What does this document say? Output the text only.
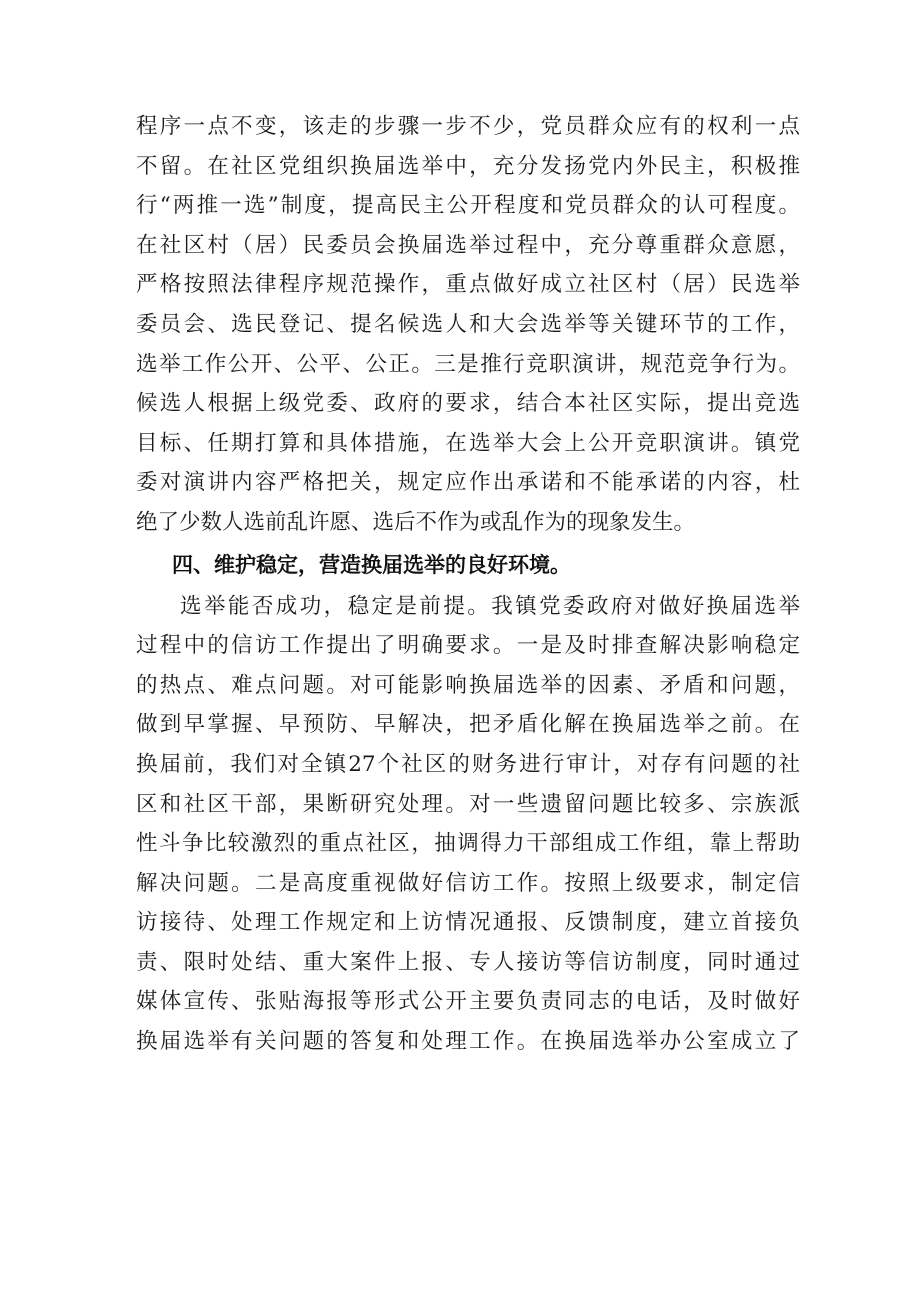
程序一点不变，该走的步骤一步不少，党员群众应有的权利一点
不留。在社区党组织换届选举中，充分发扬党内外民主，积极推
行“两推一选”制度，提高民主公开程度和党员群众的认可程度。
在社区村（居）民委员会换届选举过程中，充分尊重群众意愿，
严格按照法律程序规范操作，重点做好成立社区村（居）民选举
委员会、选民登记、提名候选人和大会选举等关键环节的工作，
选举工作公开、公平、公正。三是推行竞职演讲，规范竞争行为。
候选人根据上级党委、政府的要求，结合本社区实际，提出竞选
目标、任期打算和具体措施，在选举大会上公开竞职演讲。镇党
委对演讲内容严格把关，规定应作出承诺和不能承诺的内容，杜
绝了少数人选前乱许愿、选后不作为或乱作为的现象发生。
四、维护稳定，营造换届选举的良好环境。
选举能否成功，稳定是前提。我镇党委政府对做好换届选举
过程中的信访工作提出了明确要求。一是及时排查解决影响稳定
的热点、难点问题。对可能影响换届选举的因素、矛盾和问题，
做到早掌握、早预防、早解决，把矛盾化解在换届选举之前。在
换届前，我们对全镇27个社区的财务进行审计，对存有问题的社
区和社区干部，果断研究处理。对一些遗留问题比较多、宗族派
性斗争比较激烈的重点社区，抽调得力干部组成工作组，靠上帮助
解决问题。二是高度重视做好信访工作。按照上级要求，制定信
访接待、处理工作规定和上访情况通报、反馈制度，建立首接负
责、限时处结、重大案件上报、专人接访等信访制度，同时通过
媒体宣传、张贴海报等形式公开主要负责同志的电话，及时做好
换届选举有关问题的答复和处理工作。在换届选举办公室成立了
